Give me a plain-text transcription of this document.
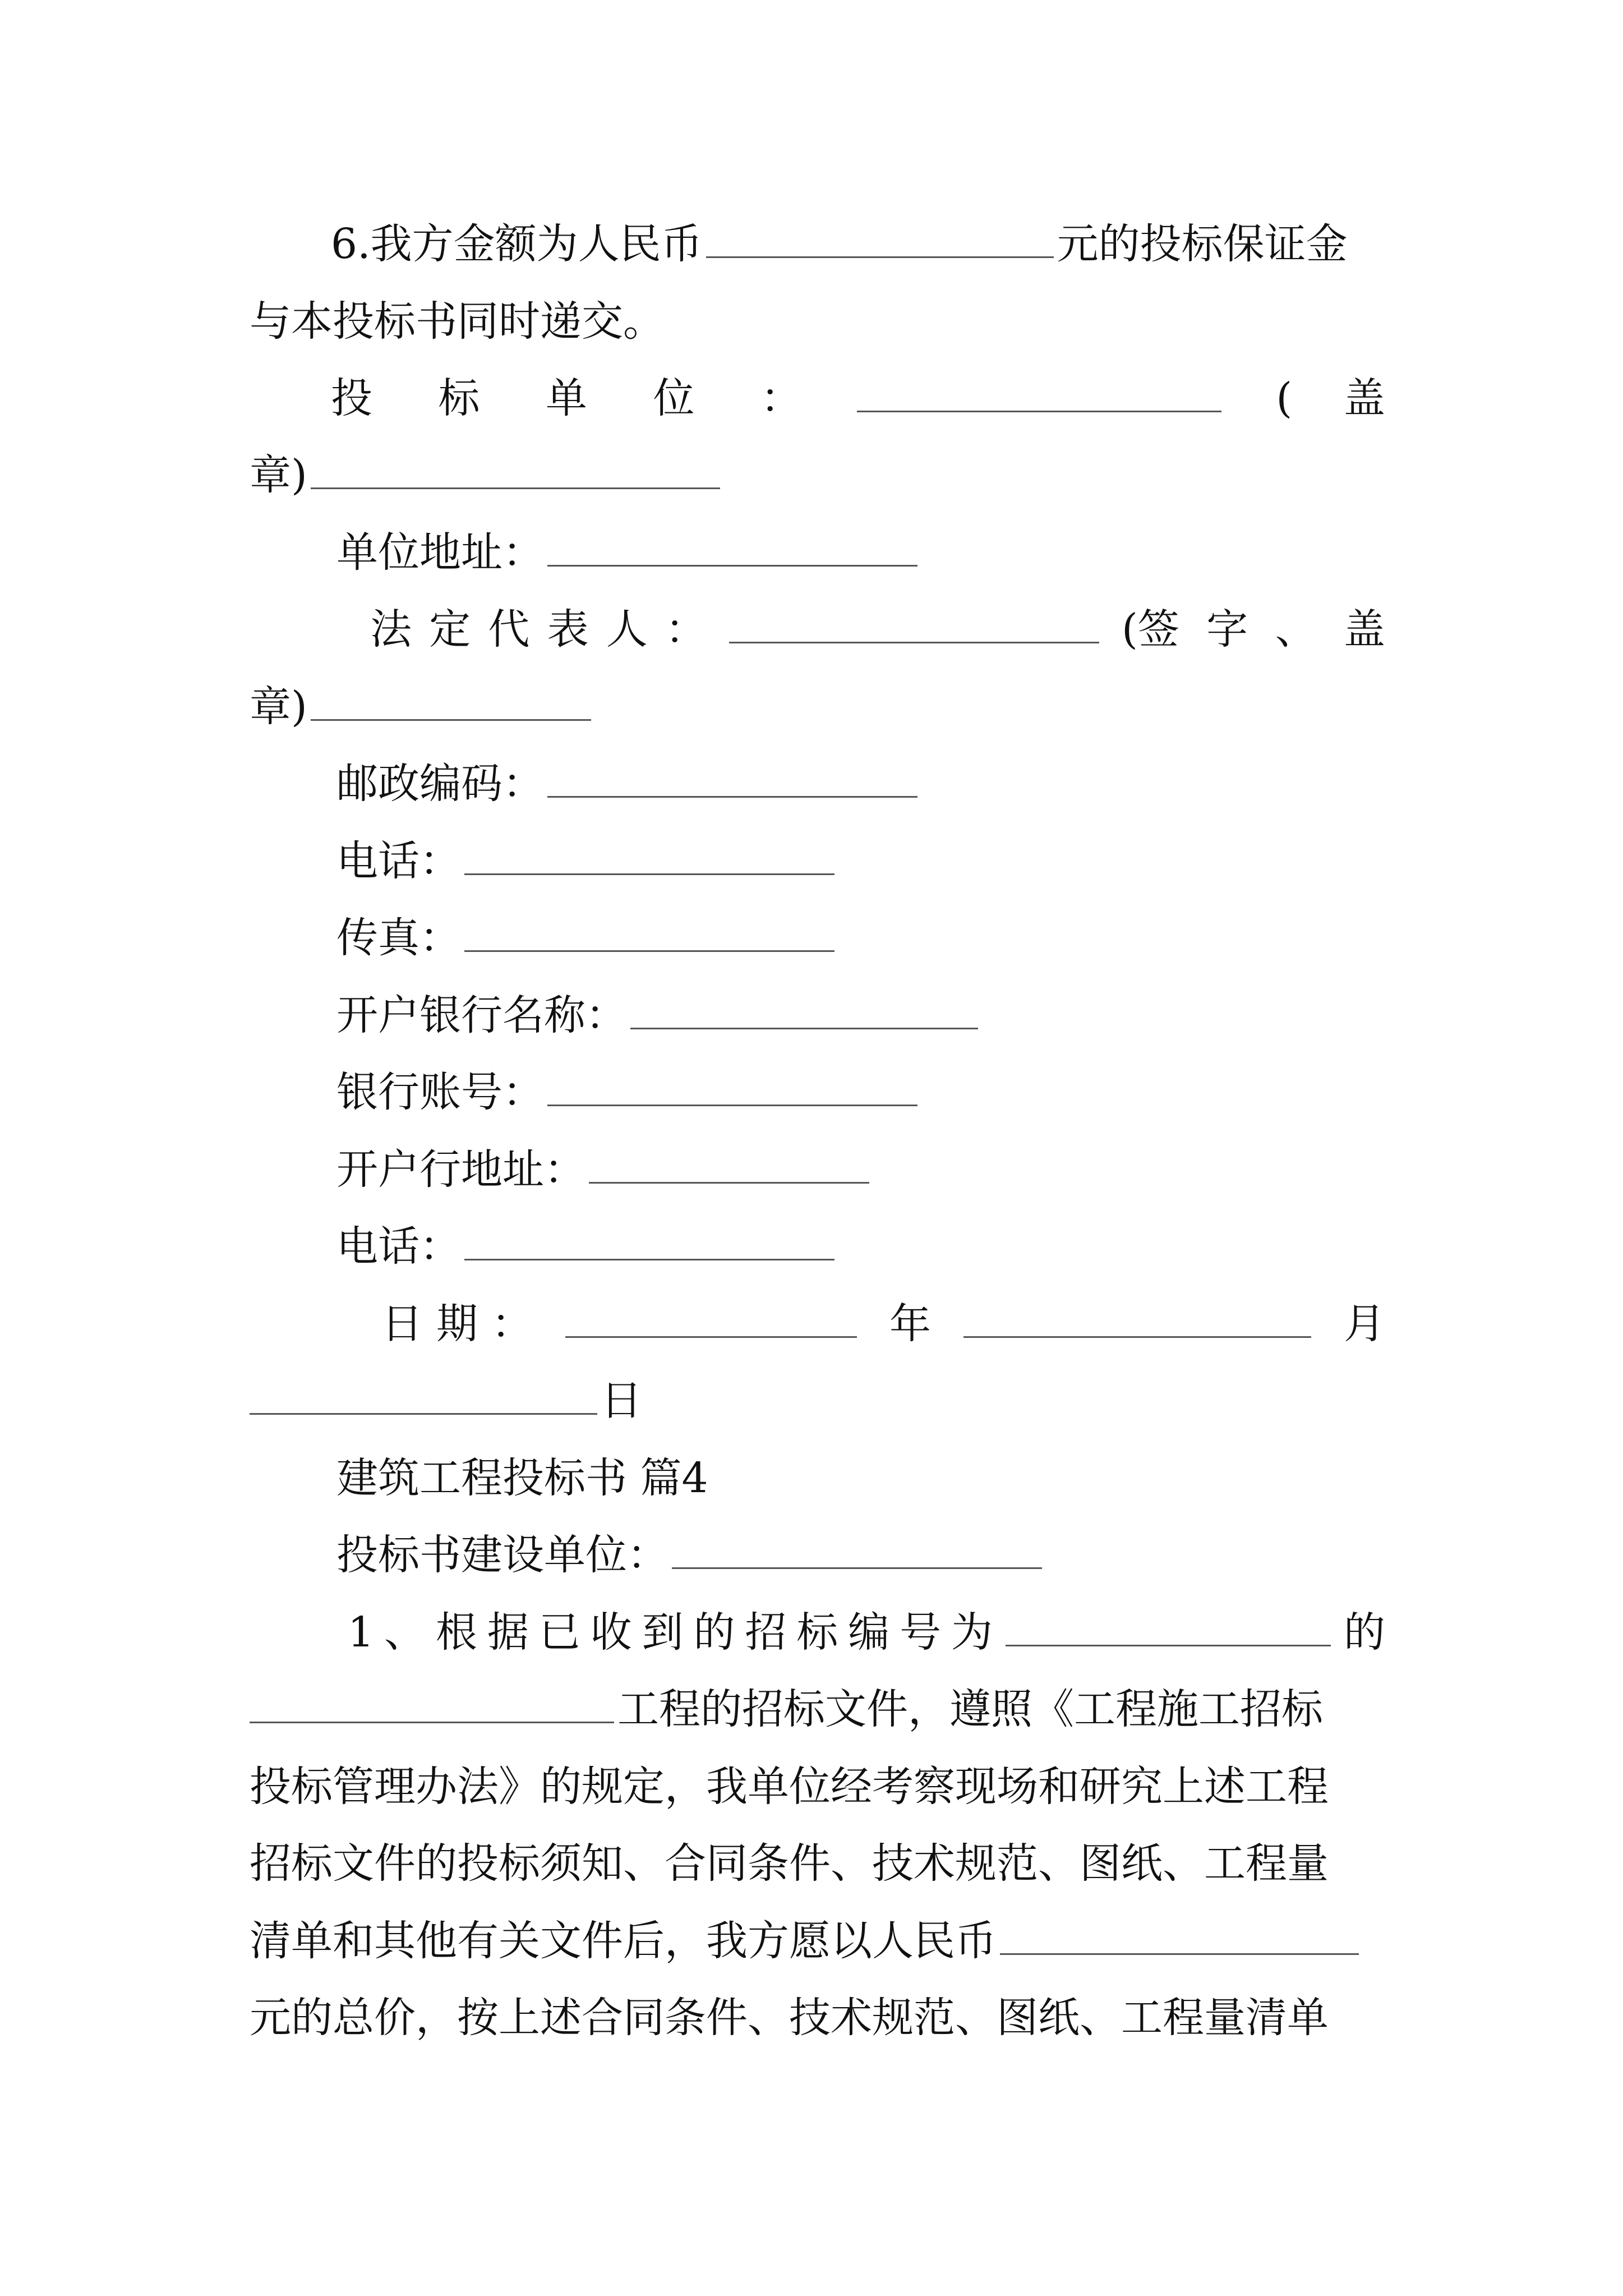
6.我方金额为人民币	元的投标保证金
与本投标书同时递交。
投 标 单 位 ：	( 盖
章)
单位地址：
法 定 代 表 人 ：	(签 字 、 盖
章)
邮政编码：
电话：
传真：
开户银行名称：
银行账号：
开户行地址：
电话：
日 期 ：	年	月
日
建筑工程投标书 篇4
投标书建设单位：
1 、 根 据 已 收 到 的 招 标 编 号 为	的
工程的招标文件，遵照《工程施工招标
投标管理办法》的规定，我单位经考察现场和研究上述工程
招标文件的投标须知、合同条件、技术规范、图纸、工程量
清单和其他有关文件后，我方愿以人民币
元的总价，按上述合同条件、技术规范、图纸、工程量清单
